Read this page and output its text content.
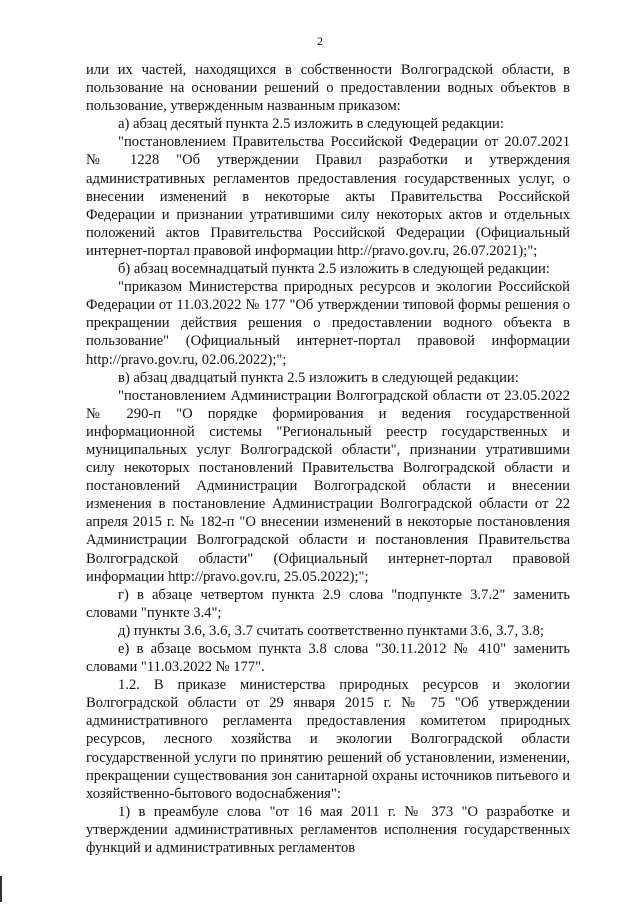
2

или их частей, находящихся в собственности Волгоградской области, в пользование на основании решений о предоставлении водных объектов в пользование, утвержденным названным приказом:

а) абзац десятый пункта 2.5 изложить в следующей редакции:

"постановлением Правительства Российской Федерации от 20.07.2021 № 1228 "Об утверждении Правил разработки и утверждения административных регламентов предоставления государственных услуг, о внесении изменений в некоторые акты Правительства Российской Федерации и признании утратившими силу некоторых актов и отдельных положений актов Правительства Российской Федерации (Официальный интернет-портал правовой информации http://pravo.gov.ru, 26.07.2021);";

б) абзац восемнадцатый пункта 2.5 изложить в следующей редакции:

"приказом Министерства природных ресурсов и экологии Российской Федерации от 11.03.2022 № 177 "Об утверждении типовой формы решения о прекращении действия решения о предоставлении водного объекта в пользование" (Официальный интернет-портал правовой информации http://pravo.gov.ru, 02.06.2022);";

в) абзац двадцатый пункта 2.5 изложить в следующей редакции:

"постановлением Администрации Волгоградской области от 23.05.2022 № 290-п "О порядке формирования и ведения государственной информационной системы "Региональный реестр государственных и муниципальных услуг Волгоградской области", признании утратившими силу некоторых постановлений Правительства Волгоградской области и постановлений Администрации Волгоградской области и внесении изменения в постановление Администрации Волгоградской области от 22 апреля 2015 г. № 182-п "О внесении изменений в некоторые постановления Администрации Волгоградской области и постановления Правительства Волгоградской области" (Официальный интернет-портал правовой информации http://pravo.gov.ru, 25.05.2022);";

г) в абзаце четвертом пункта 2.9 слова "подпункте 3.7.2" заменить словами "пункте 3.4";

д) пункты 3.6, 3.6, 3.7 считать соответственно пунктами 3.6, 3.7, 3.8;

е) в абзаце восьмом пункта 3.8 слова "30.11.2012 № 410" заменить словами "11.03.2022 № 177".

1.2. В приказе министерства природных ресурсов и экологии Волгоградской области от 29 января 2015 г. № 75 "Об утверждении административного регламента предоставления комитетом природных ресурсов, лесного хозяйства и экологии Волгоградской области государственной услуги по принятию решений об установлении, изменении, прекращении существования зон санитарной охраны источников питьевого и хозяйственно-бытового водоснабжения":

1) в преамбуле слова "от 16 мая 2011 г. № 373 "О разработке и утверждении административных регламентов исполнения государственных функций и административных регламентов
